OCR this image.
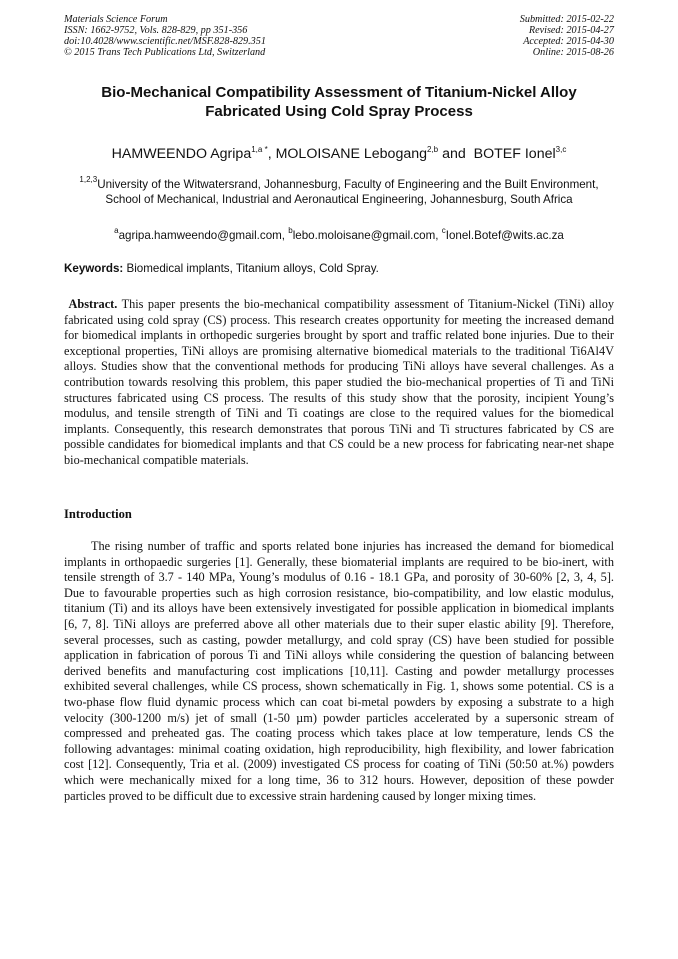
Materials Science Forum
ISSN: 1662-9752, Vols. 828-829, pp 351-356
doi:10.4028/www.scientific.net/MSF.828-829.351
© 2015 Trans Tech Publications Ltd, Switzerland
Submitted: 2015-02-22
Revised: 2015-04-27
Accepted: 2015-04-30
Online: 2015-08-26
Bio-Mechanical Compatibility Assessment of Titanium-Nickel Alloy
Fabricated Using Cold Spray Process
HAMWEENDO Agripa$^{1,a *}$, MOLOISANE Lebogang$^{2,b}$ and  BOTEF Ionel$^{3,c}$
$^{1,2,3}$University of the Witwatersrand, Johannesburg, Faculty of Engineering and the Built Environment, School of Mechanical, Industrial and Aeronautical Engineering, Johannesburg, South Africa
$^a$agripa.hamweendo@gmail.com, $^b$lebo.moloisane@gmail.com, $^c$Ionel.Botef@wits.ac.za
Keywords: Biomedical implants, Titanium alloys, Cold Spray.

Abstract. This paper presents the bio-mechanical compatibility assessment of Titanium-Nickel (TiNi) alloy fabricated using cold spray (CS) process. This research creates opportunity for meeting the increased demand for biomedical implants in orthopedic surgeries brought by sport and traffic related bone injuries. Due to their exceptional properties, TiNi alloys are promising alternative biomedical materials to the traditional Ti6Al4V alloys. Studies show that the conventional methods for producing TiNi alloys have several challenges. As a contribution towards resolving this problem, this paper studied the bio-mechanical properties of Ti and TiNi structures fabricated using CS process. The results of this study show that the porosity, incipient Young’s modulus, and tensile strength of TiNi and Ti coatings are close to the required values for the biomedical implants. Consequently, this research demonstrates that porous TiNi and Ti structures fabricated by CS are possible candidates for biomedical implants and that CS could be a new process for fabricating near-net shape bio-mechanical compatible materials.

Introduction

The rising number of traffic and sports related bone injuries has increased the demand for biomedical implants in orthopaedic surgeries [1]. Generally, these biomaterial implants are required to be bio-inert, with tensile strength of 3.7 - 140 MPa, Young’s modulus of 0.16 - 18.1 GPa, and porosity of 30-60% [2, 3, 4, 5]. Due to favourable properties such as high corrosion resistance, bio-compatibility, and low elastic modulus, titanium (Ti) and its alloys have been extensively investigated for possible application in biomedical implants [6, 7, 8]. TiNi alloys are preferred above all other materials due to their super elastic ability [9]. Therefore, several processes, such as casting, powder metallurgy, and cold spray (CS) have been studied for possible application in fabrication of porous Ti and TiNi alloys while considering the question of balancing between derived benefits and manufacturing cost implications [10,11]. Casting and powder metallurgy processes exhibited several challenges, while CS process, shown schematically in Fig. 1, shows some potential. CS is a two-phase flow fluid dynamic process which can coat bi-metal powders by exposing a substrate to a high velocity (300-1200 m/s) jet of small (1-50 µm) powder particles accelerated by a supersonic stream of compressed and preheated gas. The coating process which takes place at low temperature, lends CS the following advantages: minimal coating oxidation, high reproducibility, high flexibility, and lower fabrication cost [12]. Consequently, Tria et al. (2009) investigated CS process for coating of TiNi (50:50 at.%) powders which were mechanically mixed for a long time, 36 to 312 hours. However, deposition of these powder particles proved to be difficult due to excessive strain hardening caused by longer mixing times.
